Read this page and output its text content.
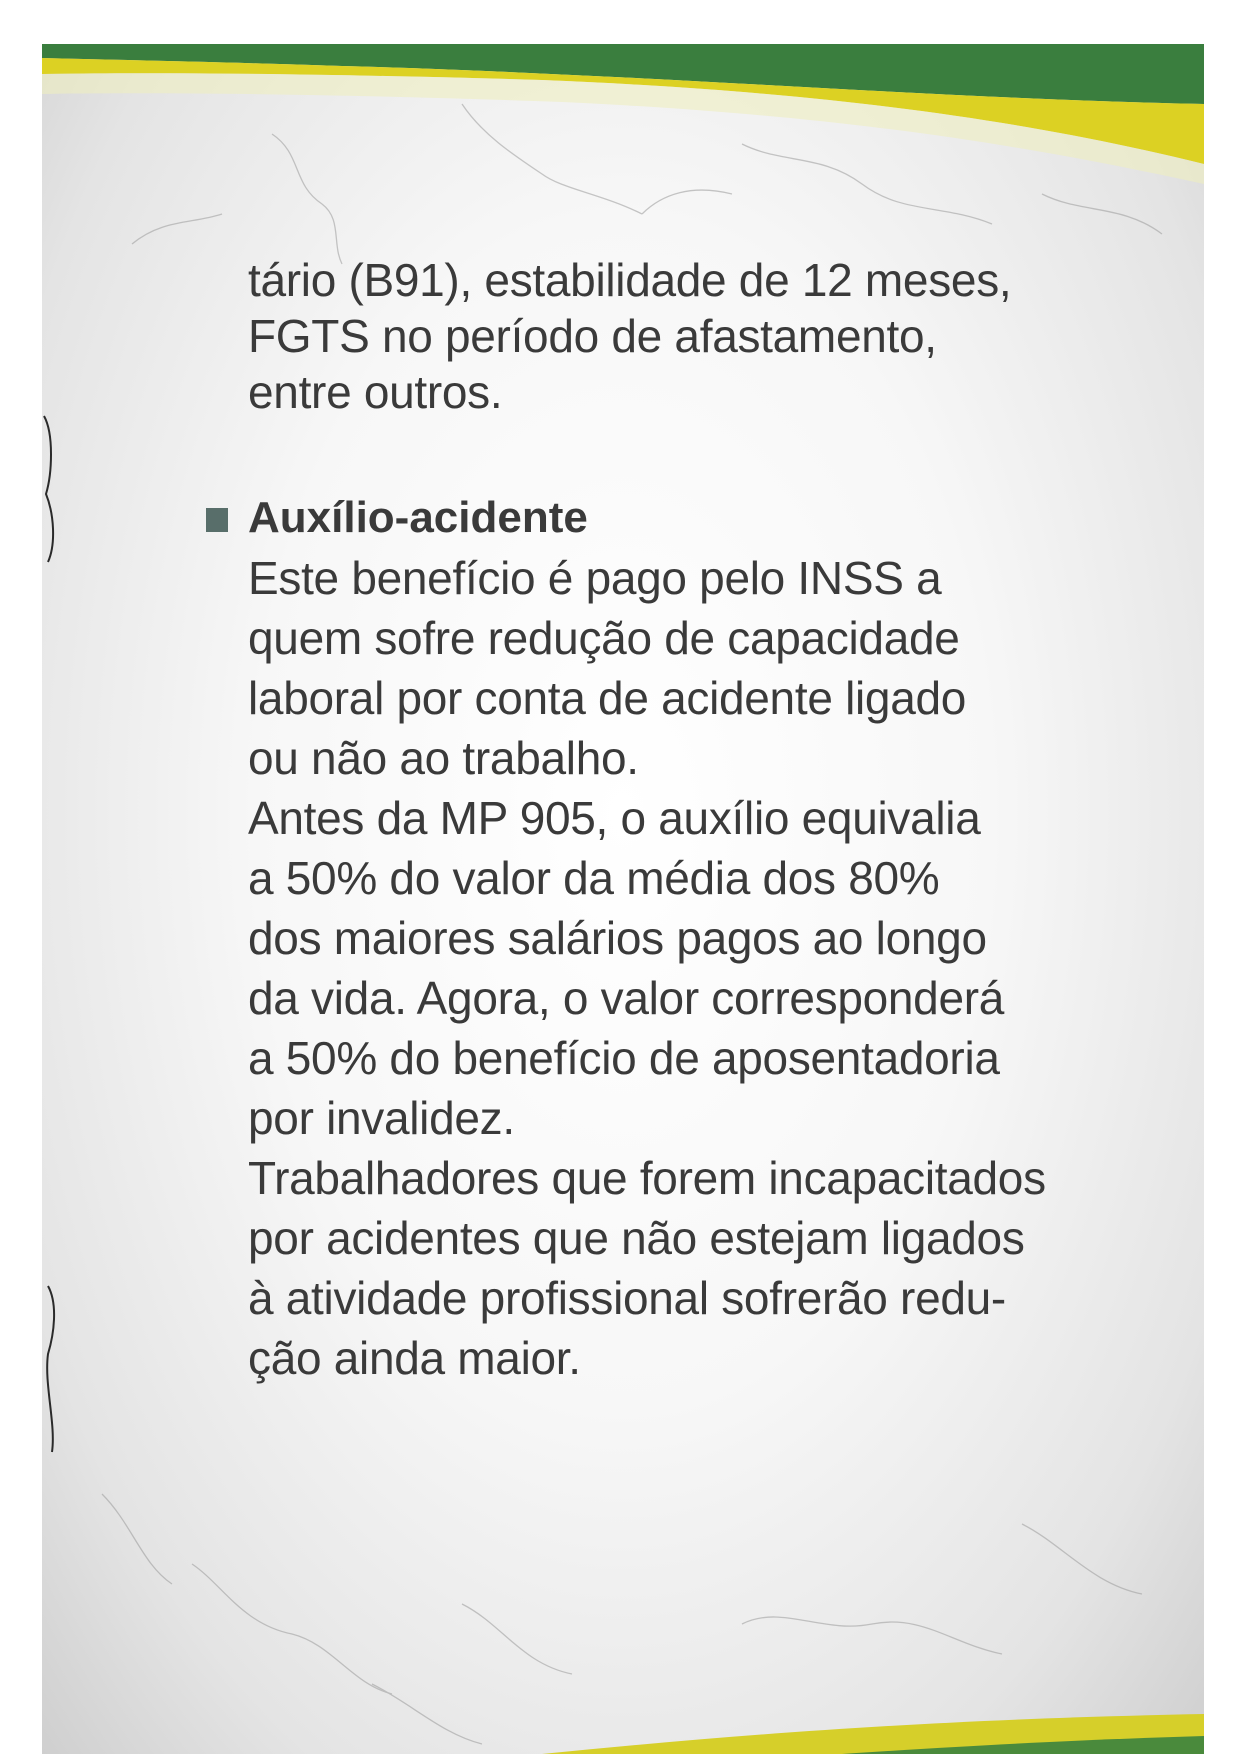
tário (B91), estabilidade de 12 meses,
FGTS no período de afastamento,
entre outros.
Auxílio-acidente
Este benefício é pago pelo INSS a
quem sofre redução de capacidade
laboral por conta de acidente ligado
ou não ao trabalho.
Antes da MP 905, o auxílio equivalia
a 50% do valor da média dos 80%
dos maiores salários pagos ao longo
da vida. Agora, o valor corresponderá
a 50% do benefício de aposentadoria
por invalidez.
Trabalhadores que forem incapacitados
por acidentes que não estejam ligados
à atividade profissional sofrerão redu-
ção ainda maior.
